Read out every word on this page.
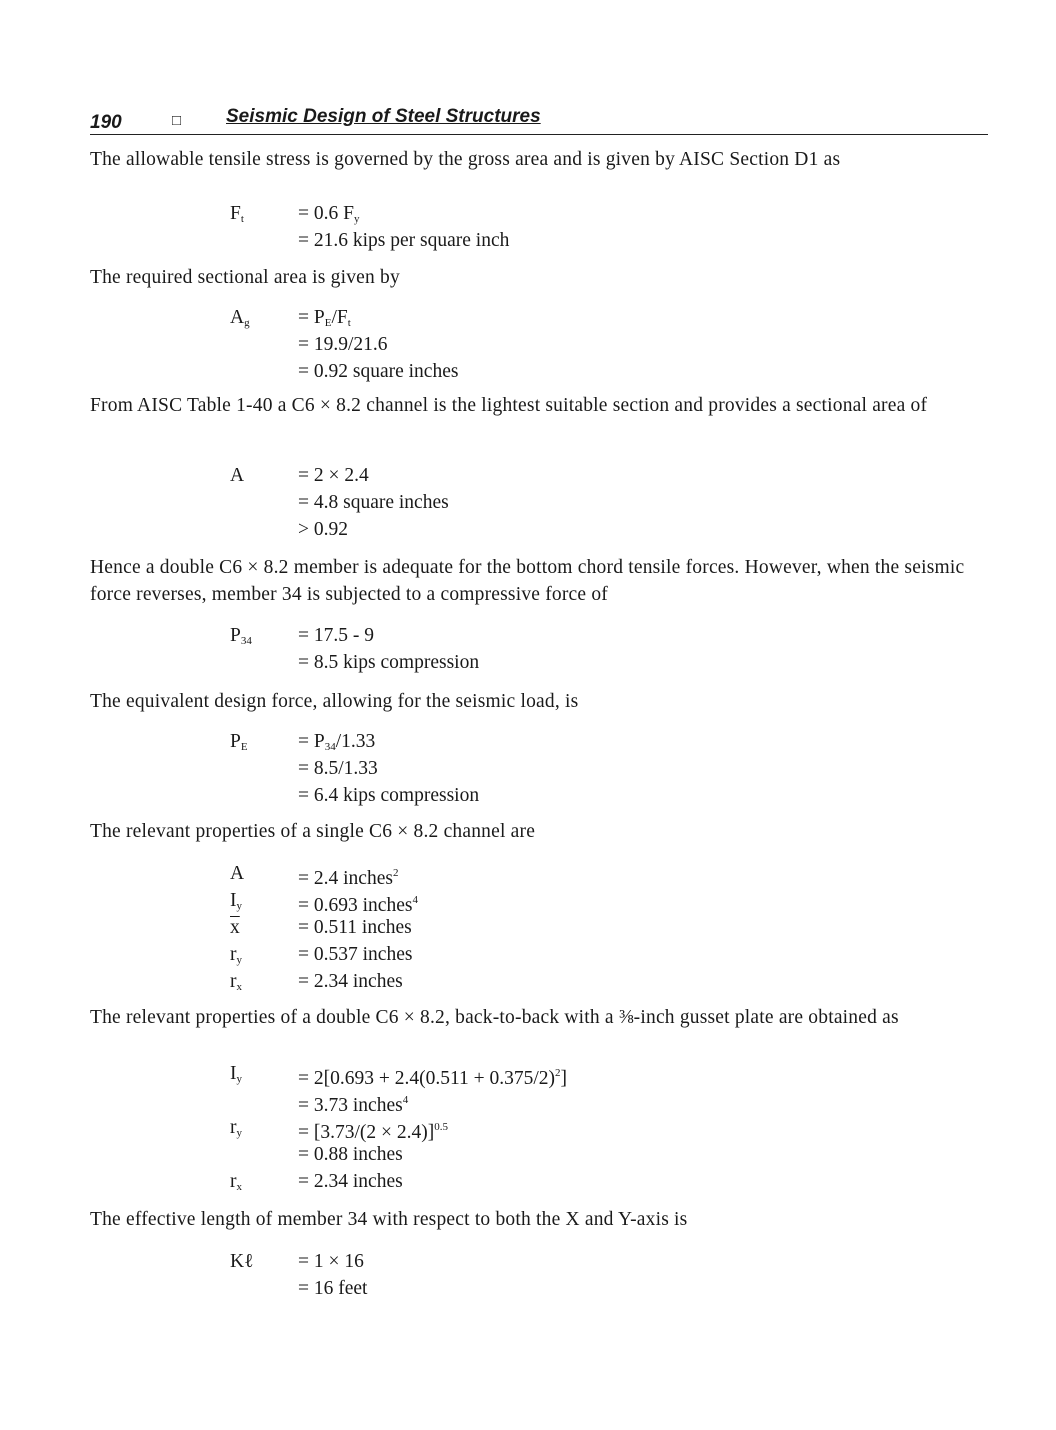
190	□ Seismic Design of Steel Structures
The allowable tensile stress is governed by the gross area and is given by AISC Section D1 as
$F_t$	= 0.6 $F_y$
= 21.6 kips per square inch
The required sectional area is given by
$A_g = P_E/F_t$
= 19.9/21.6
= 0.92 square inches
From AISC Table 1-40 a C6 × 8.2 channel is the lightest suitable section and provides a sectional area of
A	= 2 × 2.4
= 4.8 square inches
> 0.92
Hence a double C6 × 8.2 member is adequate for the bottom chord tensile forces. However, when the seismic force reverses, member 34 is subjected to a compressive force of
$P_{34} = 17.5 - 9$
= 8.5 kips compression
The equivalent design force, allowing for the seismic load, is
$P_E$	= $P_{34}/1.33$
= 8.5/1.33
= 6.4 kips compression
The relevant properties of a single C6 × 8.2 channel are
A	= 2.4 inches$^2$
$I_y$	= 0.693 inches$^4$
$\overline{x}$	= 0.511 inches
$r_y$	= 0.537 inches
$r_x$	= 2.34 inches
The relevant properties of a double C6 × 8.2, back-to-back with a ⅜-inch gusset plate are obtained as
$I_y$	= $2[0.693 + 2.4(0.511 + 0.375/2)^2]$
= 3.73 inches$^4$
$r_y$	= $[3.73/(2 \times 2.4)]^{0.5}$
= 0.88 inches
$r_x$	= 2.34 inches
The effective length of member 34 with respect to both the X and Y-axis is
Kℓ = 1 × 16
= 16 feet
